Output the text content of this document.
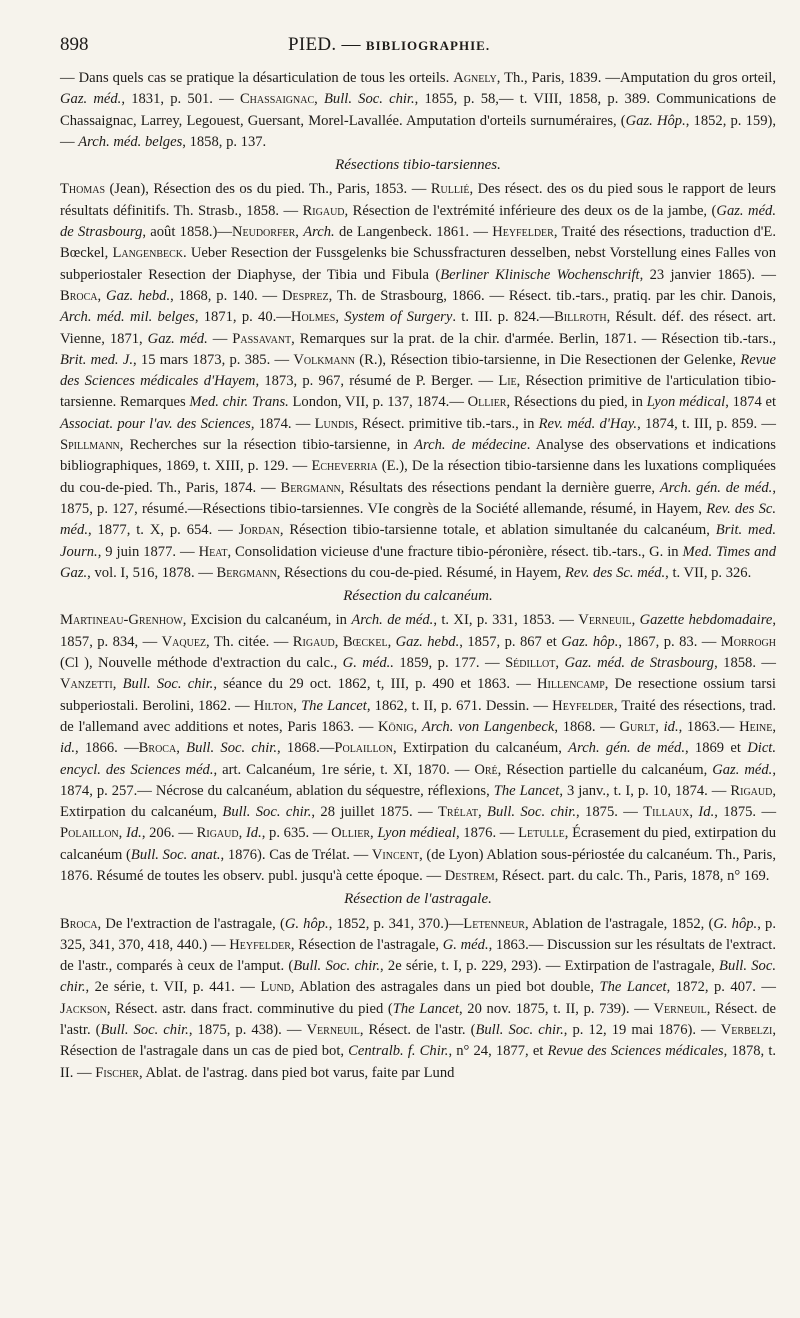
898	PIED. — BIBLIOGRAPHIE.

— Dans quels cas se pratique la désarticulation de tous les orteils. Agnely, Th., Paris, 1839. —Amputation du gros orteil, Gaz. méd., 1831, p. 501. — Chassaignac, Bull. Soc. chir., 1855, p. 58,— t. VIII, 1858, p. 389. Communications de Chassaignac, Larrey, Legouest, Guersant, Morel-Lavallée. Amputation d'orteils surnuméraires, (Gaz. Hôp., 1852, p. 159),— Arch. méd. belges, 1858, p. 137.

Résections tibio-tarsiennes.

Thomas (Jean), Résection des os du pied. Th., Paris, 1853. — Rullié, Des résect. des os du pied sous le rapport de leurs résultats définitifs. Th. Strasb., 1858. — Rigaud, Résection de l'extrémité inférieure des deux os de la jambe, (Gaz. méd. de Strasbourg, août 1858.)—Neudorfer, Arch. de Langenbeck. 1861. — Heyfelder, Traité des résections, traduction d'E. Bœckel, Langenbeck. Ueber Resection der Fussgelenks bie Schussfracturen desselben, nebst Vorstellung eines Falles von subperiostaler Resection der Diaphyse, der Tibia und Fibula (Berliner Klinische Wochenschrift, 23 janvier 1865). —Broca, Gaz. hebd., 1868, p. 140. — Desprez, Th. de Strasbourg, 1866. — Résect. tib.-tars., pratiq. par les chir. Danois, Arch. méd. mil. belges, 1871, p. 40.—Holmes, System of Surgery. t. III. p. 824.—Billroth, Résult. déf. des résect. art. Vienne, 1871, Gaz. méd. — Passavant, Remarques sur la prat. de la chir. d'armée. Berlin, 1871. — Résection tib.-tars., Brit. med. J., 15 mars 1873, p. 385. — Volkmann (R.), Résection tibio-tarsienne, in Die Resectionen der Gelenke, Revue des Sciences médicales d'Hayem, 1873, p. 967, résumé de P. Berger. — Lie, Résection primitive de l'articulation tibio-tarsienne. Remarques Med. chir. Trans. London, VII, p. 137, 1874.— Ollier, Résections du pied, in Lyon médical, 1874 et Associat. pour l'av. des Sciences, 1874. — Lundis, Résect. primitive tib.-tars., in Rev. méd. d'Hay., 1874, t. III, p. 859. — Spillmann, Recherches sur la résection tibio-tarsienne, in Arch. de médecine. Analyse des observations et indications bibliographiques, 1869, t. XIII, p. 129. — Echeverria (E.), De la résection tibio-tarsienne dans les luxations compliquées du cou-de-pied. Th., Paris, 1874. — Bergmann, Résultats des résections pendant la dernière guerre, Arch. gén. de méd., 1875, p. 127, résumé.—Résections tibio-tarsiennes. VIe congrès de la Société allemande, résumé, in Hayem, Rev. des Sc. méd., 1877, t. X, p. 654. — Jordan, Résection tibio-tarsienne totale, et ablation simultanée du calcanéum, Brit. med. Journ., 9 juin 1877. — Heat, Consolidation vicieuse d'une fracture tibio-péronière, résect. tib.-tars., G. in Med. Times and Gaz., vol. I, 516, 1878. — Bergmann, Résections du cou-de-pied. Résumé, in Hayem, Rev. des Sc. méd., t. VII, p. 326.

Résection du calcanéum.

Martineau-Grenhow, Excision du calcanéum, in Arch. de méd., t. XI, p. 331, 1853. — Verneuil, Gazette hebdomadaire, 1857, p. 834, — Vaquez, Th. citée. — Rigaud, Bœckel, Gaz. hebd., 1857, p. 867 et Gaz. hôp., 1867, p. 83. — Morrogh (Cl ), Nouvelle méthode d'extraction du calc., G. méd.. 1859, p. 177. — Sédillot, Gaz. méd. de Strasbourg, 1858. — Vanzetti, Bull. Soc. chir., séance du 29 oct. 1862, t, III, p. 490 et 1863. — Hillencamp, De resectione ossium tarsi subperiostali. Berolini, 1862. — Hilton, The Lancet, 1862, t. II, p. 671. Dessin. — Heyfelder, Traité des résections, trad. de l'allemand avec additions et notes, Paris 1863. — König, Arch. von Langenbeck, 1868. — Gurlt, id., 1863.— Heine, id., 1866. —Broca, Bull. Soc. chir., 1868.—Polaillon, Extirpation du calcanéum, Arch. gén. de méd., 1869 et Dict. encycl. des Sciences méd., art. Calcanéum, 1re série, t. XI, 1870. — Oré, Résection partielle du calcanéum, Gaz. méd., 1874, p. 257.— Nécrose du calcanéum, ablation du séquestre, réflexions, The Lancet, 3 janv., t. I, p. 10, 1874. — Rigaud, Extirpation du calcanéum, Bull. Soc. chir., 28 juillet 1875. — Trélat, Bull. Soc. chir., 1875. — Tillaux, Id., 1875. — Polaillon, Id., 206. — Rigaud, Id., p. 635. — Ollier, Lyon médieal, 1876. — Letulle, Écrasement du pied, extirpation du calcanéum (Bull. Soc. anat., 1876). Cas de Trélat. — Vincent, (de Lyon) Ablation sous-périostée du calcanéum. Th., Paris, 1876. Résumé de toutes les observ. publ. jusqu'à cette époque. — Destrem, Résect. part. du calc. Th., Paris, 1878, n° 169.

Résection de l'astragale.

Broca, De l'extraction de l'astragale, (G. hôp., 1852, p. 341, 370.)—Letenneur, Ablation de l'astragale, 1852, (G. hôp., p. 325, 341, 370, 418, 440.) — Heyfelder, Résection de l'astragale, G. méd., 1863.— Discussion sur les résultats de l'extract. de l'astr., comparés à ceux de l'amput. (Bull. Soc. chir., 2e série, t. I, p. 229, 293). — Extirpation de l'astragale, Bull. Soc. chir., 2e série, t. VII, p. 441. — Lund, Ablation des astragales dans un pied bot double, The Lancet, 1872, p. 407. — Jackson, Résect. astr. dans fract. comminutive du pied (The Lancet, 20 nov. 1875, t. II, p. 739). — Verneuil, Résect. de l'astr. (Bull. Soc. chir., 1875, p. 438). — Verneuil, Résect. de l'astr. (Bull. Soc. chir., p. 12, 19 mai 1876). — Verbelzi, Résection de l'astragale dans un cas de pied bot, Centralb. f. Chir., n° 24, 1877, et Revue des Sciences médicales, 1878, t. II. — Fischer, Ablat. de l'astrag. dans pied bot varus, faite par Lund
